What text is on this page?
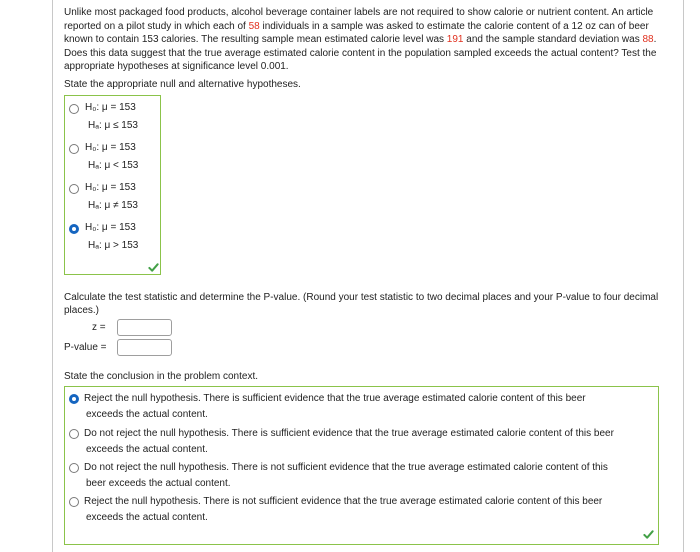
Unlike most packaged food products, alcohol beverage container labels are not required to show calorie or nutrient content. An article reported on a pilot study in which each of 58 individuals in a sample was asked to estimate the calorie content of a 12 oz can of beer known to contain 153 calories. The resulting sample mean estimated calorie level was 191 and the sample standard deviation was 88. Does this data suggest that the true average estimated calorie content in the population sampled exceeds the actual content? Test the appropriate hypotheses at significance level 0.001.
State the appropriate null and alternative hypotheses.
H₀: μ = 153
Hₐ: μ ≤ 153
H₀: μ = 153
Hₐ: μ < 153
H₀: μ = 153
Hₐ: μ ≠ 153
H₀: μ = 153
Hₐ: μ > 153
Calculate the test statistic and determine the P-value. (Round your test statistic to two decimal places and your P-value to four decimal places.)
z =
P-value =
State the conclusion in the problem context.
Reject the null hypothesis. There is sufficient evidence that the true average estimated calorie content of this beer
exceeds the actual content.
Do not reject the null hypothesis. There is sufficient evidence that the true average estimated calorie content of this beer
exceeds the actual content.
Do not reject the null hypothesis. There is not sufficient evidence that the true average estimated calorie content of this
beer exceeds the actual content.
Reject the null hypothesis. There is not sufficient evidence that the true average estimated calorie content of this beer
exceeds the actual content.
